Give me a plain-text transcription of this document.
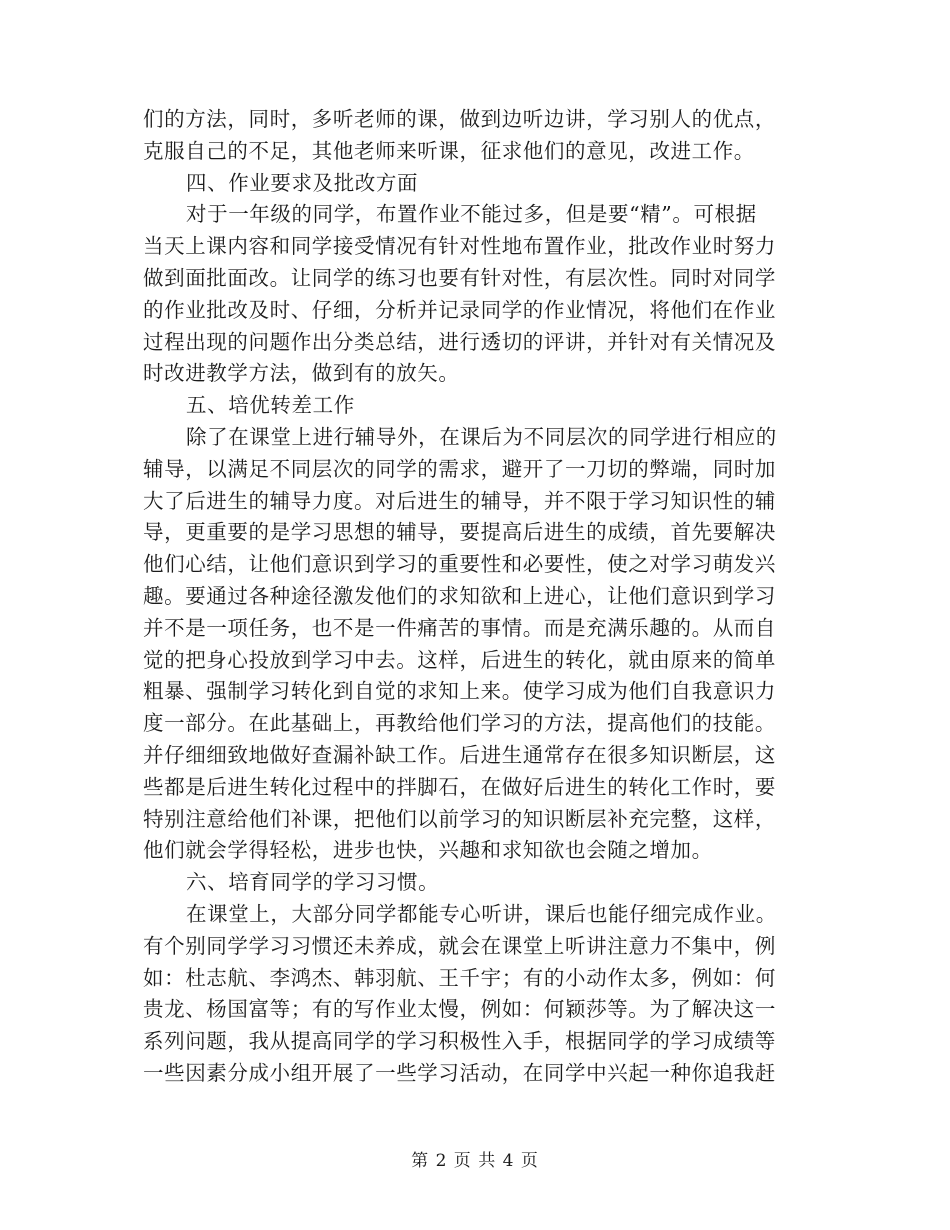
们的方法，同时，多听老师的课，做到边听边讲，学习别人的优点，
克服自己的不足，其他老师来听课，征求他们的意见，改进工作。
四、作业要求及批改方面
对于一年级的同学，布置作业不能过多，但是要“精”。可根据
当天上课内容和同学接受情况有针对性地布置作业，批改作业时努力
做到面批面改。让同学的练习也要有针对性，有层次性。同时对同学
的作业批改及时、仔细，分析并记录同学的作业情况，将他们在作业
过程出现的问题作出分类总结，进行透切的评讲，并针对有关情况及
时改进教学方法，做到有的放矢。
五、培优转差工作
除了在课堂上进行辅导外，在课后为不同层次的同学进行相应的
辅导，以满足不同层次的同学的需求，避开了一刀切的弊端，同时加
大了后进生的辅导力度。对后进生的辅导，并不限于学习知识性的辅
导，更重要的是学习思想的辅导，要提高后进生的成绩，首先要解决
他们心结，让他们意识到学习的重要性和必要性，使之对学习萌发兴
趣。要通过各种途径激发他们的求知欲和上进心，让他们意识到学习
并不是一项任务，也不是一件痛苦的事情。而是充满乐趣的。从而自
觉的把身心投放到学习中去。这样，后进生的转化，就由原来的简单
粗暴、强制学习转化到自觉的求知上来。使学习成为他们自我意识力
度一部分。在此基础上，再教给他们学习的方法，提高他们的技能。
并仔细细致地做好查漏补缺工作。后进生通常存在很多知识断层，这
些都是后进生转化过程中的拌脚石，在做好后进生的转化工作时，要
特别注意给他们补课，把他们以前学习的知识断层补充完整，这样，
他们就会学得轻松，进步也快，兴趣和求知欲也会随之增加。
六、培育同学的学习习惯。
在课堂上，大部分同学都能专心听讲，课后也能仔细完成作业。
有个别同学学习习惯还未养成，就会在课堂上听讲注意力不集中，例
如：杜志航、李鸿杰、韩羽航、王千宇；有的小动作太多，例如：何
贵龙、杨国富等；有的写作业太慢，例如：何颖莎等。为了解决这一
系列问题，我从提高同学的学习积极性入手，根据同学的学习成绩等
一些因素分成小组开展了一些学习活动，在同学中兴起一种你追我赶
第 2 页 共 4 页
